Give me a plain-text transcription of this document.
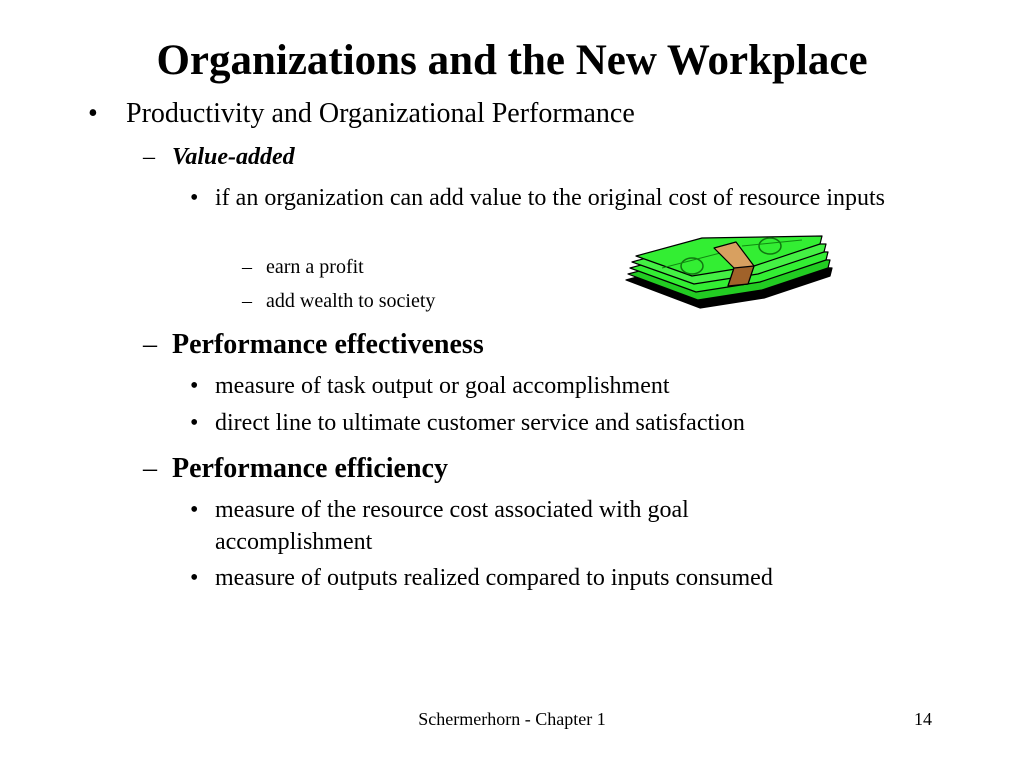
Organizations and the New Workplace
• Productivity and Organizational Performance
– Value-added
• if an organization can add value to the original cost of resource inputs
– earn a profit
– add wealth to society
– Performance effectiveness
• measure of task output or goal accomplishment
• direct line to ultimate customer service and satisfaction
– Performance efficiency
• measure of the resource cost associated with goal accomplishment
• measure of outputs realized compared to inputs consumed
Schermerhorn - Chapter 1	14
